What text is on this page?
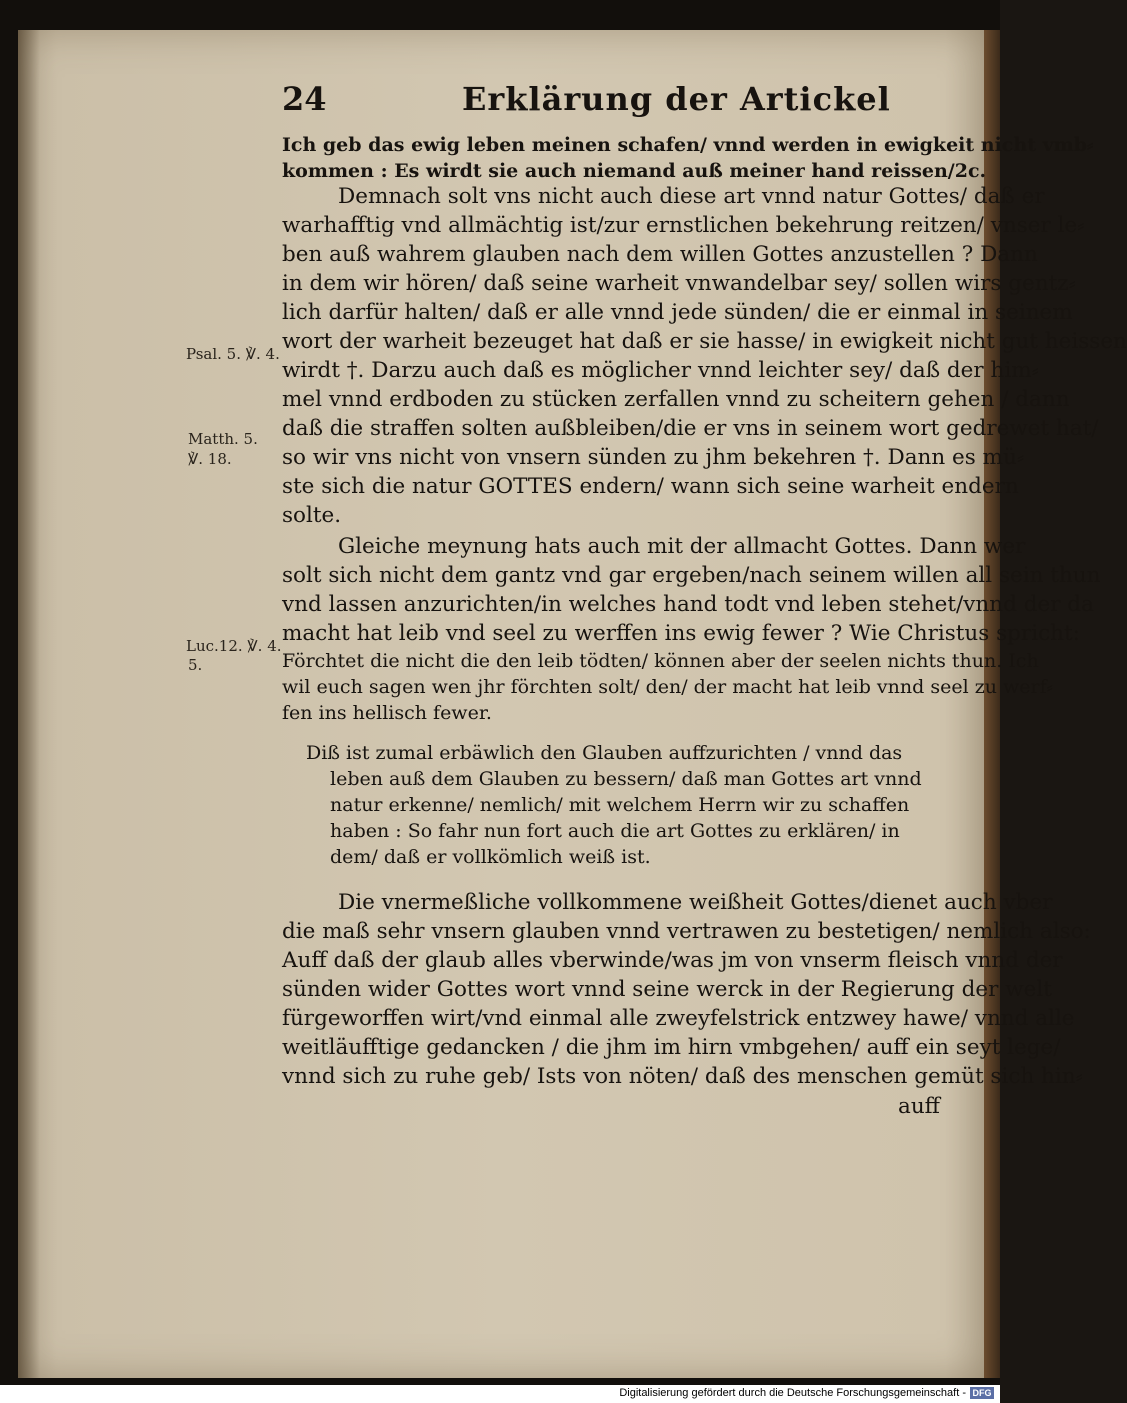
24	Erklärung der Artickel
Ich geb das ewig leben meinen schafen/ vnnd werden in ewigkeit nicht vmb⸗
kommen : Es wirdt sie auch niemand auß meiner hand reissen/2c.
Demnach solt vns nicht auch diese art vnnd natur Gottes/ daß er
warhafftig vnd allmächtig ist/zur ernstlichen bekehrung reitzen/ vnser le⸗
ben auß wahrem glauben nach dem willen Gottes anzustellen ? Dann
in dem wir hören/ daß seine warheit vnwandelbar sey/ sollen wirs gentz⸗
lich darfür halten/ daß er alle vnnd jede sünden/ die er einmal in seinem
wort der warheit bezeuget hat daß er sie hasse/ in ewigkeit nicht gut heissen
wirdt †. Darzu auch daß es möglicher vnnd leichter sey/ daß der him⸗
mel vnnd erdboden zu stücken zerfallen vnnd zu scheitern gehen / dann
daß die straffen solten außbleiben/die er vns in seinem wort gedrewet hat/
so wir vns nicht von vnsern sünden zu jhm bekehren †. Dann es mü⸗
ste sich die natur GOTTES endern/ wann sich seine warheit endern
solte.
Gleiche meynung hats auch mit der allmacht Gottes. Dann wer
solt sich nicht dem gantz vnd gar ergeben/nach seinem willen all sein thun
vnd lassen anzurichten/in welches hand todt vnd leben stehet/vnnd der da
macht hat leib vnd seel zu werffen ins ewig fewer ? Wie Christus spricht:
Förchtet die nicht die den leib tödten/ können aber der seelen nichts thun. Ich
wil euch sagen wen jhr förchten solt/ den/ der macht hat leib vnnd seel zu werf⸗
fen ins hellisch fewer.
Diß ist zumal erbäwlich den Glauben auffzurichten / vnnd das
leben auß dem Glauben zu bessern/ daß man Gottes art vnnd
natur erkenne/ nemlich/ mit welchem Herrn wir zu schaffen
haben : So fahr nun fort auch die art Gottes zu erklären/ in
dem/ daß er vollkömlich weiß ist.
Die vnermeßliche vollkommene weißheit Gottes/dienet auch vber
die maß sehr vnsern glauben vnnd vertrawen zu bestetigen/ nemlich also:
Auff daß der glaub alles vberwinde/was jm von vnserm fleisch vnnd der
sünden wider Gottes wort vnnd seine werck in der Regierung der welt
fürgeworffen wirt/vnd einmal alle zweyfelstrick entzwey hawe/ vnnd alle
weitläufftige gedancken / die jhm im hirn vmbgehen/ auff ein seyt lege/
vnnd sich zu ruhe geb/ Ists von nöten/ daß des menschen gemüt sich hin⸗
auff
Psal. 5. ℣. 4.
Matth. 5.
℣. 18.
Luc.12. ℣. 4.
5.
Digitalisierung gefördert durch die Deutsche Forschungsgemeinschaft - DFG
